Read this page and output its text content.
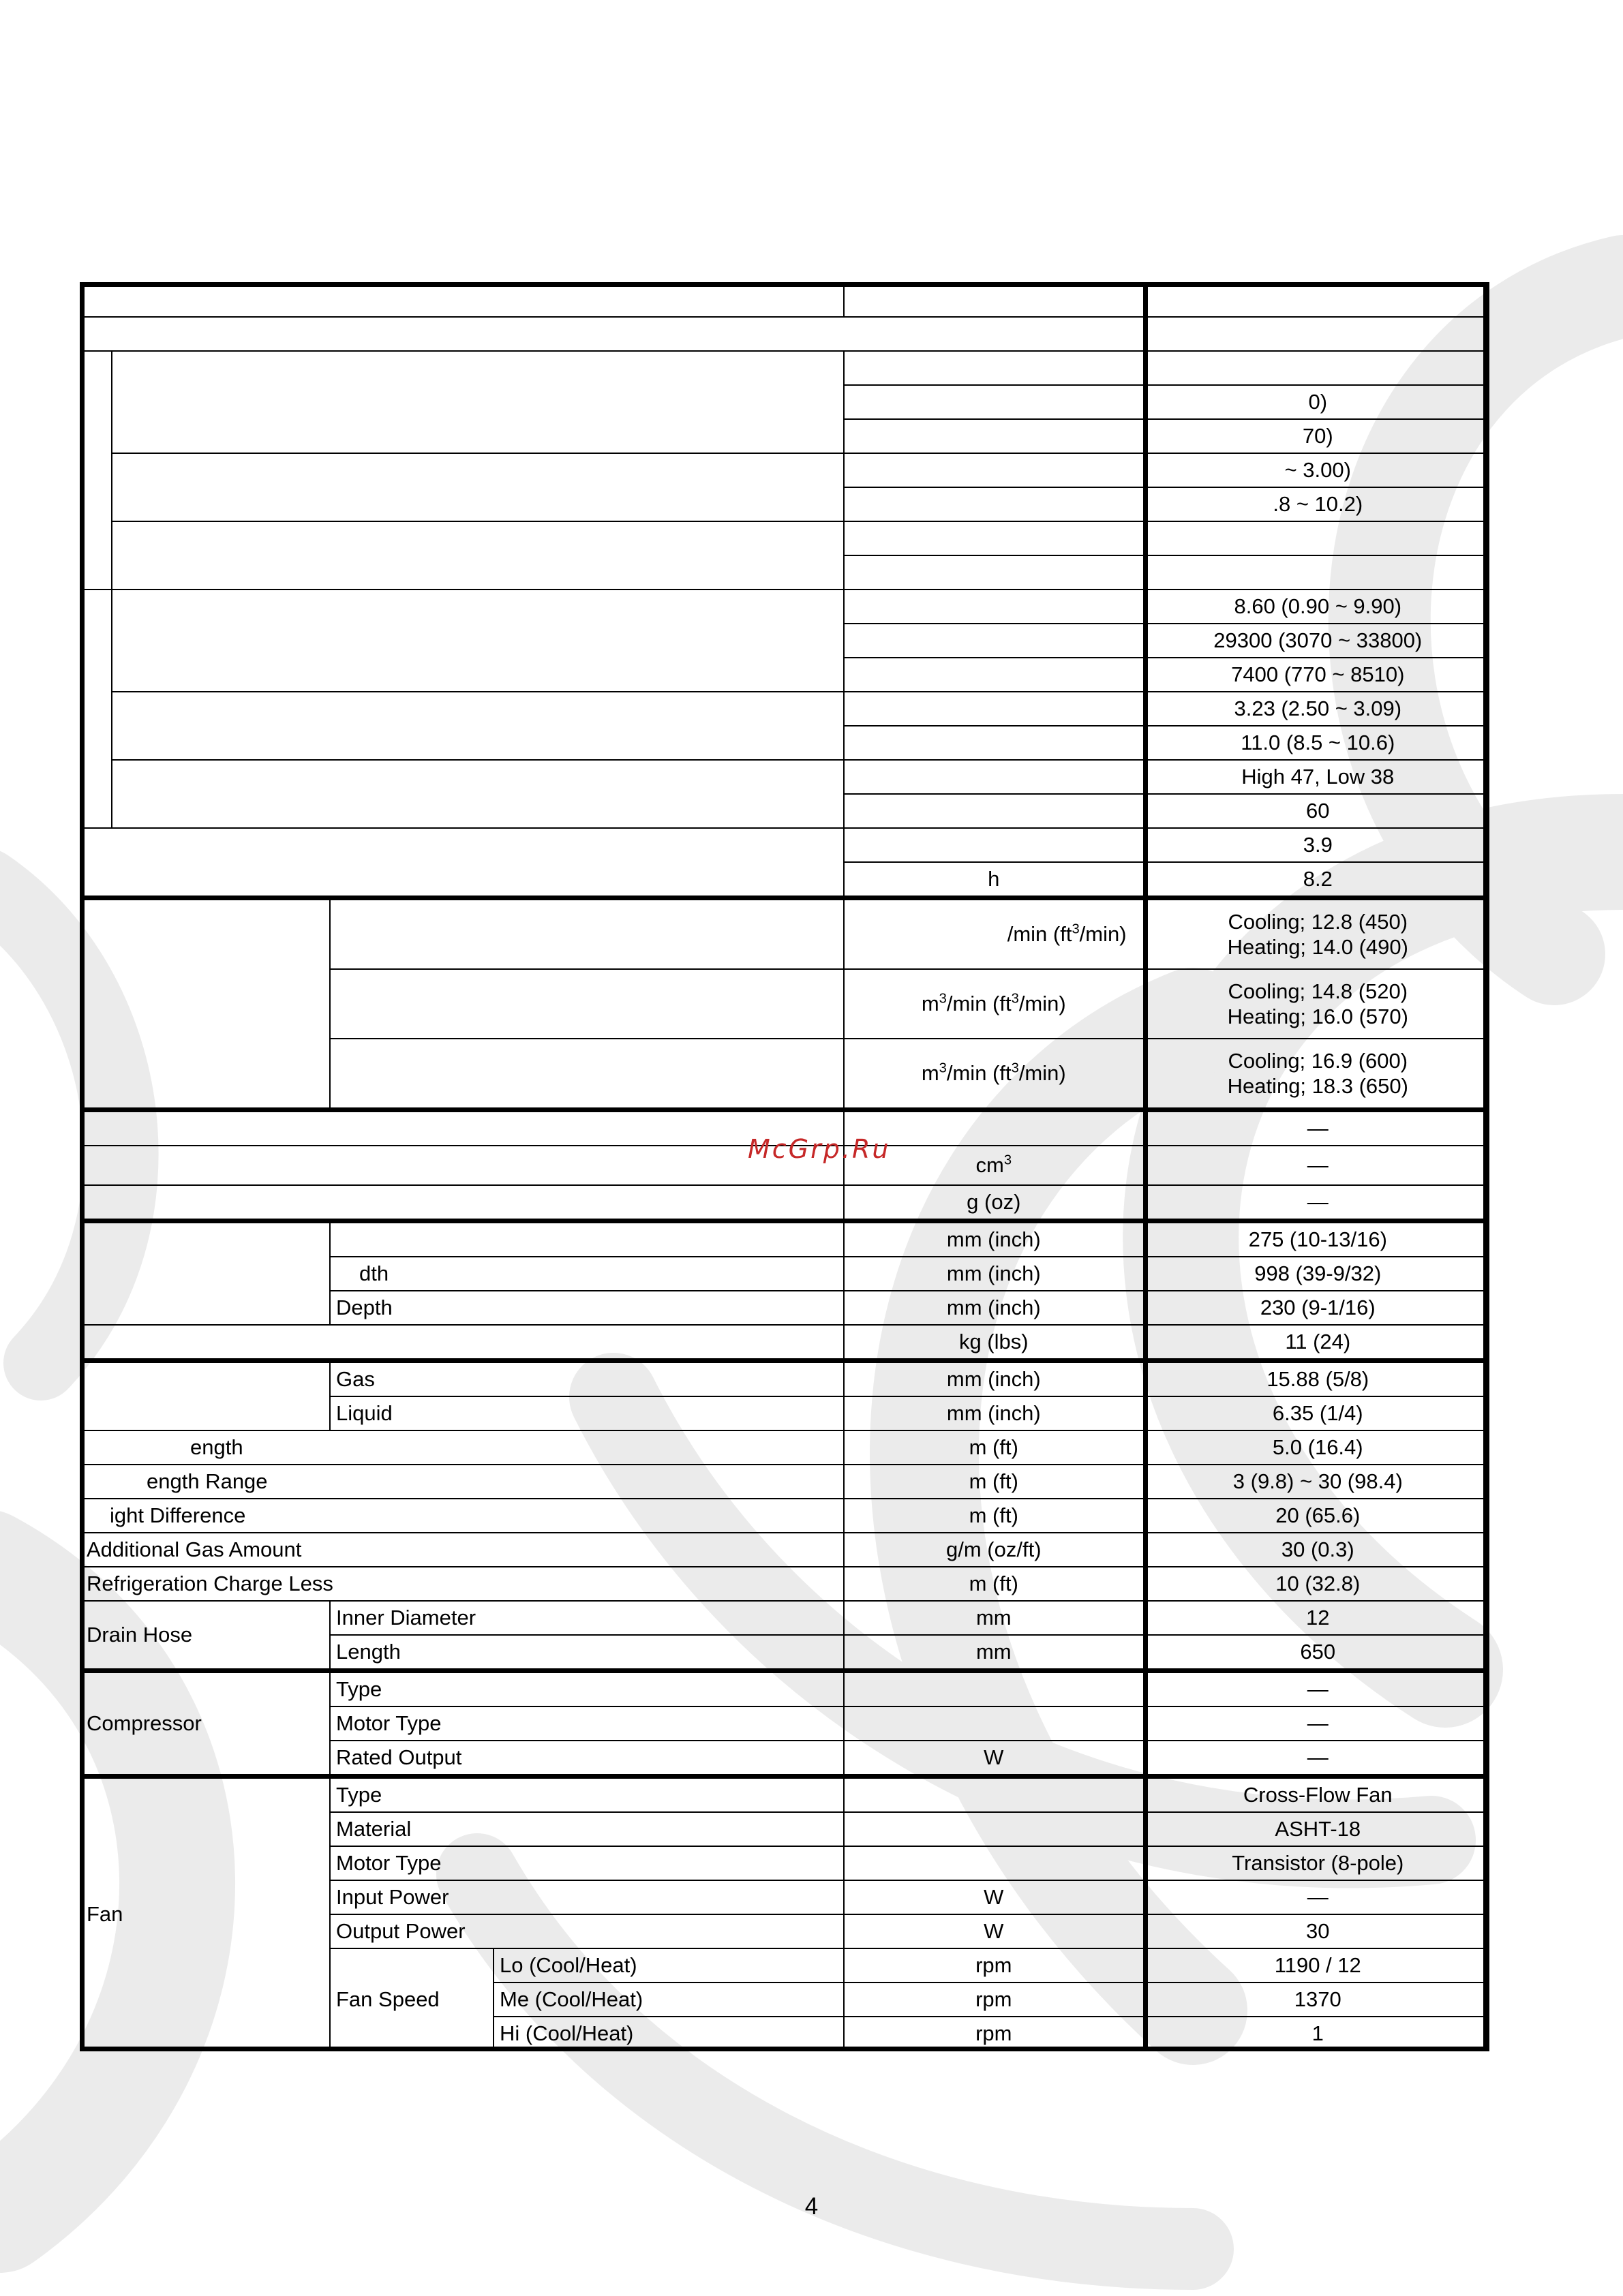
					0)	
					70)	
					~ 3.00)	
					.8 ~ 10.2)	

					8.60 (0.90 ~ 9.90)	
					29300 (3070 ~ 33800)	
					7400 (770 ~ 8510)	
					3.23 (2.50 ~ 3.09)	
					11.0 (8.5 ~ 10.6)	
					High 47, Low 38	
					60	
					3.9	
				h	8.2	
				/min $(ft^3/\min)$	Cooling; 12.8 (450)
Heating; 14.0 (490)

				$m^3/\min$ $(ft^3/\min)$	Cooling; 14.8 (520)
Heating; 16.0 (570)

				$m^3/\min$ $(ft^3/\min)$	Cooling; 16.9 (600)
Heating; 18.3 (650)

					—	
				$cm^3$	—	
				g (oz)	—	
				mm (inch)	275 (10-13/16)	
		dth		mm (inch)	998 (39-9/32)	
		Depth		mm (inch)	230 (9-1/16)	
				kg (lbs)	11 (24)	
		Gas		mm (inch)	15.88 (5/8)	
		Liquid		mm (inch)	6.35 (1/4)	
ength				m (ft)	5.0 (16.4)	
ength Range				m (ft)	3 (9.8) ~ 30 (98.4)	
ight Difference				m (ft)	20 (65.6)	
Additional Gas Amount				g/m (oz/ft)	30 (0.3)	
Refrigeration Charge Less				m (ft)	10 (32.8)	
Drain Hose		Inner Diameter		mm	12	
		Length		mm	650	
Compressor		Type			—	
		Motor Type			—	
		Rated Output		W	—	
Fan		Type			Cross-Flow Fan	
		Material			ASHT-18	
		Motor Type			Transistor (8-pole)	
		Input Power		W	—	
		Output Power		W	30	
		Fan Speed	Lo (Cool/Heat)	rpm	1190 / 12	
			Me (Cool/Heat)	rpm	1370	
			Hi (Cool/Heat)	rpm	1	
McGrp.Ru
4
